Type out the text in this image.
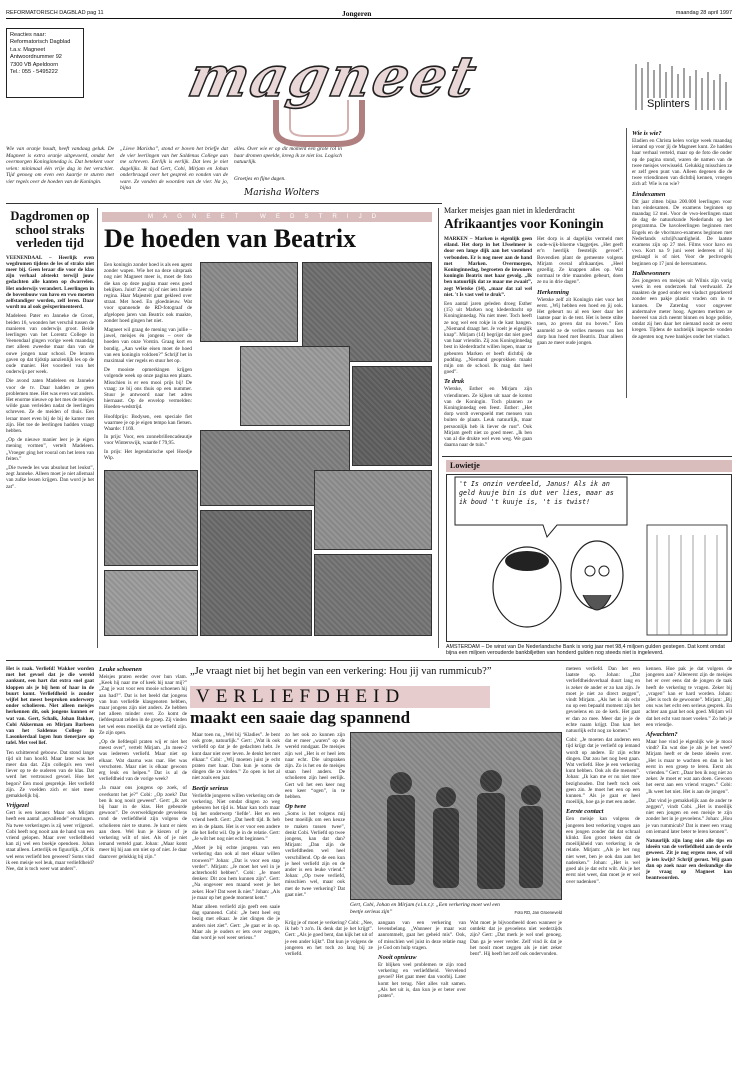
REFORMATORISCH DAGBLAD pag 11	Jongeren	maandag 28 april 1997
Reacties naar:
Reformatorisch Dagblad
t.a.v. Magneet
Antwoordnummer 92
7300 VB Apeldoorn
Tel.: 055 - 5495222	magneet
Wie van oranje houdt, heeft vandaag geluk. De Magneet is extra oranje uitgevoerd, omdat het overmorgen Koninginnedag is. Dat betekent voor velen: minimaal één vrije dag in het verschiet. Tijd genoeg om even een kaartje te sturen met vier regels over de hoeden van de Koningin.
„Lieve Marisha”, stond er boven het briefje dat de vier leerlingen van het Saldenus College aan me schreven. Eerlijk is eerlijk. Dat lees je niet dagelijks. Ik had Gert, Cobi, Mirjam en Johan onderbraagd over het gesprek en vonden van de ware. Ze vonden de woorden van de vier. Na jo, bijna
alles. Over wie er op dit moment een grote rol in haar dromen speelde, kreeg ik ze niet los. Logisch natuurlijk.
Groetjes en fijne dagen.
Marisha Wolters
Splinters
Wie is wie?
Eladien en Christa kelen vorige week maandag iemand op voor jij de Magneet kunt. Ze hadden haar verhaal verteld, maar op de foto die onder op de pagina stond, waren de namen van de twee meisjes verwisseld. Gelukkig misschien ze er zelf geen punt van. Alleen degenen die de twee vriendinnen van dichtbij kennen, vroegen zich af: Wie is nu wie?
Eindexamen
Dit jaar zitten bijna 200.000 leerlingen voor hun eindexamen. De examens beginnen op maandag 12 mei. Voor de vwo-leerlingen staat de dag de natuurkunde Nederlands op het programma. De havoleerlingen beginnen met Engels en de vbo/mavo-examens beginnen met Nederlands schrijfvaardigheid. De laatste examens zijn op 27 mei. Films voor havo en vwo. Kort na 9 juni weet iedereen of hij geslaagd is of niet. Voor de pechvogels beginnen op 17 juni de herexamens.
Halbewonners
Zes jongeren en meisjes uit Wilnis zijn vorig week in een onderzoek hal verdwaald. Ze maakten de goed onder een viaduct geparkeerd zonder een pakje plastic vraden om in te kunnen. De Zaterdag voor ongeveer andermalve meter hoog. Agenten merkten ze hoeveel van zich neemt binnen en hoge politie, omdat zij hen daar het niemand nooit ze eerst kregen. Tijdens de nachtelijk inspectie vonden de agenten nog twee bankjes onder het viaduct.
Dagdromen op school straks verleden tijd
VEENENDAAL – Heerlijk even wegdromen tijdens de les of straks niet meer bij. Geen leraar die voor de klas zijn verhaal afsteekt terwijl jouw gedachten alle kanten op dwarrelen. Het onderwijs verandert. Leerlingen in de bovenbouw van havo en vwo moeten zelfstandiger worden, zelf leren. Daar wordt nu al ook geëxperimenteerd.
Madeleen Pater en Janneke de Groot, beiden 16, woonden het verschil tussen de manieren van onderwijs groot. Beide leerlingen van het Lorentz College in Veenendaal gingen vorige week maandag met alleen zweedse maar dan van de ouwe jongen naar school. De leraren gaven op dat tijdstip aanzienlijk les op de oude manier. Het voordeel van het onderwijs per week.
Die avond zaten Madeleen en Janneke voor de tv. Daar hadden ze geen problemen mee. Het was even wat anders. Het enorme nieuwe op het mes de meisjes wilde gaan verleiden nadat de leerlingen schreven. Ze de meiden of thuis. Een leraar moet even bij de bij de kamer met zijn. Het toe de leerlingen hadden vraagt hebben.
„Op de nieuwe manier leer je je eigen mening vormen”, vertelt Madeleen. „Vroeger ging het vooral om het leren van feiten.”
„Die tweede les was absoluut het leukst”, zegt Janneke. Alleen moet je niet allemaal van zulke lessen krijgen. Dan word je het zat”.
MAGNEET WEDSTRIJD
De hoeden van Beatrix
Een koningin zonder hoed is als een agent zonder wapen. Wie het na deze uitspraak nog niet Magneet meer is, moet de foto die kan op deze pagina maar eens goed bekijken. Juist! Zeer nij of niet iets luttele regina. Haar Majesteit gaat gekleed over straat. Met hoed. En gloednieuw. Wat voor spannende de RD-fotograaf de afgelopen jaren van Beatrix ook maakte, zonder hoed gingen het niet.
Magneet wil graag de mening van jullie – jawel, meisjes én jongens – over de hoeden van onze Vorstin. Graag kort en bondig. „Aan welke eisen moet de hoed van een koningin voldoen?” Schrijf het in maximaal vier regels en stuur het op.
De mooiste opmerkingen krijgen volgende week op onze pagina een plaats. Misschien is er een mooi prijs bij! De vraag: ze bij ons thuis op een nummer. Stuur je antwoord naar het adres hiernaast. Op de envelop vermelden: Hoeden-wedstrijd.
Hoofdprijs: Bodysen, een speciale fiet waarmee je op je eigen tempo kan fietsen. Waarde: f 169.
In prijs: Voor, een zonnebrillencadeautje voor Winterswijk, waarde f 79,95.
In prijs: Het legendarische spel Hoedje Wip.
Marker meisjes gaan niet in klederdracht
Afrikaantjes voor Koningin
MARKEN – Marken is eigenlijk geen eiland. Het dorp in het IJsselmeer is door een lange dijk aan het vasteland verbonden. Er is nog meer aan de hand met Marken. Overmorgen, Koninginnedag, begroeten de inwoners koningin Beatrix met haar gevolg. „Ik ben natuurlijk dat ze maar me zwaait”, zegt Wietske (14), „maar dat zal wel niet. 't Is vast veel te druk”.
Een aantal jaren geleden droeg Esther (15) uit Marken nog klederdracht op Koninginnedag. Nu niet meer. Toch heeft ze nog wel een rokje in de kast hangen. „Niemand draagt het. Je voelt je eigenlijk knap”. Mirjam (14) begrijpt dat niet goed van haar vriendin. Zij zou Koninginnedag best in klederdracht willen lopen, maar ze gebeuren Marken er beeft dichtbij de pudding. „Niemand geoprokken maakt mijn om de school. Ik mag dat heel goed”.
Te druk
Wietske, Esther en Mirjam zijn vriendinnen. Ze kijken uit naar de komst van de Koningin. Toch plannen ze Koninginnedag een feest. Esther: „Het dorp wordt overspoeld met mensen van buiten de plaats. Leuk natuurlijk, maar persoonlijk heb ik liever de rust”. Ook Mirjam geeft niet zo goed meer. „Ik ben van al die drukte wel even weg. We gaan daarna naar de tuin.”
Het dorp is al dagelijks vermeld met oude-wijk-bloeme vlaggetjes. „Het geeft er'n heerlijk feestelijk gevoel”. Bovendien plant de gemeente volgens Mirjam overal afrikaantjes. „Heel gezellig. Ze knappen alles op. Wat normaal te drie maanden gebeurt, doen ze nu in drie dagen”.
Herkenning
Wietske zelf zit Koningin niet voor het eerst. „Wij hebben een hoed en jij ook. Het gebeurt nu al een keer daar het laatste paar in de tent. Het is beste stilte toen, zo geven dat nu boven.” Een aanmeld ze de verlies mensen van het dorp hun hoed met Beatrix. Daar alleen gaan ze meer oude jongen.
Lowietje
't Is onzin verdeeld, Janus! Als ik an geld kuuje bin is dut ver lies, maar as ik boud 't kuuje is, 't is twist!
AMSTERDAM – De winst van De Nederlandsche Bank is vorig jaar met 98,4 miljoen gulden gestegen. Dat komt omdat bijna een miljoen verouderde bankbiljetten van honderd gulden nog steeds niet is ingeleverd.
„Je vraagt niet bij het begin van een verkering: Hou jij van rummicub?”
VERLIEFDHEID
maakt een saaie dag spannend
Het is raak. Verliefd! Wakker worden met het gevoel dat je die wereld aankunt, een hart dat extra snel gaat kloppen als je bij hem of haar in de buurt komt. Verliefdheid is zonder wijfel het meest besproken onderwerp onder scholieren. Niet alleen meisjes herkennen dit, ook jongens kunnen er wat van. Gert, Schalk, Johan Bakker, Cobi Akkerman en Mirjam Barbeen van het Saldenus College in Lasonkerdaal lagen hun tienerjare op tafel. Met veel lief.
Ten schitterend gebouw. Dat stond lange tijd uit hun hoofd. Maar later was het meer dan dat. Zijn collega's een veel liever op te de ouderen van de klas. Dat werd het vertrouwd gevoel. Hoe het begon? Een mooi gesprekje. Het verliefd zijn. Ze voelden zich er niet meer gemakkelijk bij.
Vrijgezel
Gert is een kenner. Maar ook Mirjam heeft een aantal „opvallende” ervaringen. Na twee verkeringen is zij weer vrijgezel. Cobi heeft nog nooit aan de hand van een vriend gelopen. Maar over verliefdheid kan zij wel een boekje opendoen. Johan staat alleen. Letterlijk en figuurlijk. „Of ik wel eens verliefd ben geweest? Soms vind ik een meisje wel leuk, maar verliefdheid? Nee, dat is toch weer wat anders”.
Leuke schoenen
Meisjes praten eerder over hun vlam. „Keek hij naar me of keek hij naar mij?” „Zag je wat voor een mooie schoenen hij aan had?”. Dat is het beeld dat jongens van hun verliefde klasgenoten hebben, maar jongens zijn niet anders. Ze hebben het alleen minder over. Zo komt de liefdespraat zelden in de groep. Zij vinden het wel eens moeilijk dat ze verliefd zijn. Ze zijn open.
„Op de liefdespil praten wij er niet het meest over”, vertelt Mirjam. „In meer-2 was iedereen verliefd. Maar niet op elkaar. Wat daarna was raar. Het was verschoten. Maar niet is elkaar gewoon erg leuk en helpen.” Dat is al de verliefdheid van de vorige week?
„Ja maar ons jongens op zoek, of overkomt het je?” Cobi: „Op zoek? Dat ben ik nog nooit geweest”. Gert: „Ik zet bij haar in de klas. Het gebeurde gewoon”. De overweldigende gevoelens rond de verliefdheid zijn volgens de scholieren niet te sturen. Je kunt er niets aan doen. Wel kun je kiezen of je verkering wilt of niet. Als of je niet iemand verteld gaat. Johan: „Maar komt meer bij hij aan om niet op of niet. Je daar daarover gelukkig bij zijn.”
Maar toen nu, „Wel bij ‘Kladies”. Je bent ook grote, natuurlijk.” Gert: „Wat ik ook verliefd op dat je de gedachten hebt. Je kunt daar niet over leven. Je denkt het met elkaar.” Cobi: „Wij moeten juist je echt praten met haar. Dan kun je soms de dingen die ze vinden.” Zo open is het al niet zoals een jaar.
Beetje serieus
Verliefde jongeren willen verkering om de verkering. Niet omdat dingen zo weg gebeuren het tijd is. Maar kan toch maar bij het onderwerp ‘liefde’. Het en een vriend heeft. Gert: „Dat heeft tijd. Ik heb en in de plaats. Het is er voor een andere die het liefst wil. Op je in de relatie. Gert: „Je wilt het nog niet echt beginnen.”
„Moet je bij echte jongens van een verkering dan ook al met elkaar willen trouwen?” Johan: „Dat is voor een stap verder”. Mirjam: „Je moet het wel in je achterhoofd hebben”. Cobi: „Je moet denken: Dit zou hem kunnen zijn”. Gert: „Na ongeveer een maand weet je het zeker. Hoe? Dat weet ik niet.” Johan: „Als je maar op het goede moment kent.”
Maar alleen verliefd zijn geeft een saaie dag spannend. Cobi: „Je bent heel erg bezig met elkaar. Je ziet dingen die je anders niet ziet”. Gert: „Je gaat er in op. Maar als je ouders er iets over zeggen, dan word je wel weer serieus.”
zo het ook zo kunnen zijn dat er meer „waren” op de wereld rondgaat. De meisjes zijn wel „Het is er heel iets naar echt. Die uitspraken zijn. Zo is het en de meisjes staan heel anders. De scholieren zijn heel eerlijk. Gert wil het een keer nog een keer “ogen”, in te hebben.
Op twee
„Soms is het volgens mij best moeilijk om een keuze te maken tussen twee”, denkt Cobi. Verliefd op twee jongens, kan dat dan? Mirjam: „Dan zijn de verliefdheden wel heel verschillend. Op de een kun je heel verliefd zijn en de ander is een leuke vriend.” Johan: „Op twee verliefd, misschien wel, maar ook met de twee verkering? Dat gaat niet.”
Gert, Cobi, Johan en Mirjam (v.l.n.r.): „Een verkering moet wel een beetje serieus zijn”	Foto RD, Jan Groeneveld
Krijg je of moet je verkering? Cobi: „Nee, ik heb 't zo'n. Ik denk dat je het krijgt”. Gert: „Als je goed bent, dan kijk het uit of je een ander kijkt”. Dat kun je volgens de jongeren en het toch zo lang bij ze verliefd.
aangaan van een verkering van levensbelang. „Wanneer je maar wat aanrommelt, gaat het geheid mis”. Ook, of misschien wel juist in deze relatie mag je God om hulp vragen.
Nooit opnieuw
Er blijken veel problemen te zijn rond verkering en verliefdheid. Vervelend gevoel? Het gaat meer dan voorbij. Later komt het terug. Niet alles valt samen. „Als het uit is, dan kun je er beter over praten”.
Wat moet je bijvoorbeeld doen wanneer je ontdekt dat je gevoelens niet wederzijds zijn? Gert: „Dat merk je wel snel genoeg. Dan ga je weer verder. Zelf vind ik dat je het nooit moet zeggen als je niet zeker bent”. Hij heeft het zelf ook ondervonden.
meteen verliefd. Dan het een laatste op. Johan: „Dat verliefdheidsverhaal duurt lang en is zeker de ander er zo kan zijn. Je moet je niet zo direct zeggen”, vindt Mirjam. „Als het is als echt nu op een bepaald moment zijn het gevoelens en zo de kerk. Het gaat er dan zo mee. Meer dat je je de echte naam krijgt. Dan kan het natuurlijk echt nog zo komen.”
Cobi: „Je moeten dat anderen een tijd krijgt dat je verliefd op iemand wordt op andere. Er zijn echte dingen. Dat zou het nog best gaan. Wat verliefd. Hoe je een verkering kunt hebben. Ook als die mensen”. Johan: „Ik kan me er nu niet mee bezighouden. Dat heeft toch ook geen zin. Je moet het een op een kunnen.” Als je gaat er heel moeilijk, hoe ga je met een ander.
Eerste contact
Een meisje kan volgens de jongeren best verkering vragen aan een jongen zonder dat dat schraal klinkt. Een groot teken dat de moeilijkheid van verkering is de relatie. Mirjam: „Als je het nog niet weet, ben je ook dan aan het nadenken.” Johan: „Het is wel goed als je dat echt wilt. Als je het eerst niet weet, dan moet je er wel over nadenken”.
kennen. Hoe pak je dat volgens de jongeren aan? Allereerst zijn de meisjes het er over eens dat de jongen de taak heeft de verkering te vragen. Zeker bij „vragen” kan er hard worden. Johan: „Het is toch de gewoonte”. Mirjam: „Bij ons was het echt een serieus gesprek. En achter aan gaat het ook goed. Mirjam wil dat het echt vast moet voelen.” Zo heb je een vriendje.
Afwachten?
Maar hoe vind je eigenlijk wie je mooi vindt? En wat doe je als je het weet? Mirjam heeft er de beste ideeën over. „Het is maar te wachten en dan is het eerst in een groep te leren. Eerst als vrienden.” Gert: „Daar ben ik nog niet zo zeker. Je moet er wat aan doen. Gewoon het eerst aan een vriend vragen.” Cobi: „Ik weet het niet. Het is aan de jongen”.
„Dat vind je gemakkelijk aan de ander te zeggen”, vindt Cobi. „Het is moeilijk niet een jongen en een meisje te zijn zonder het in je gevoelens.” Johan: „Hou je van rummicub? Dat is meer een vraag om iemand later beter te leren kennen”.
Natuurlijk zijn lang niet alle tips en ideeën van de verliefdheid aan de orde geweest. Zit je nog ergens mee, of wil je iets kwijt? Schrijf gerust. Wij gaan dan op zoek naar een deskundige die je vraag op Magneet kan beantwoorden.
